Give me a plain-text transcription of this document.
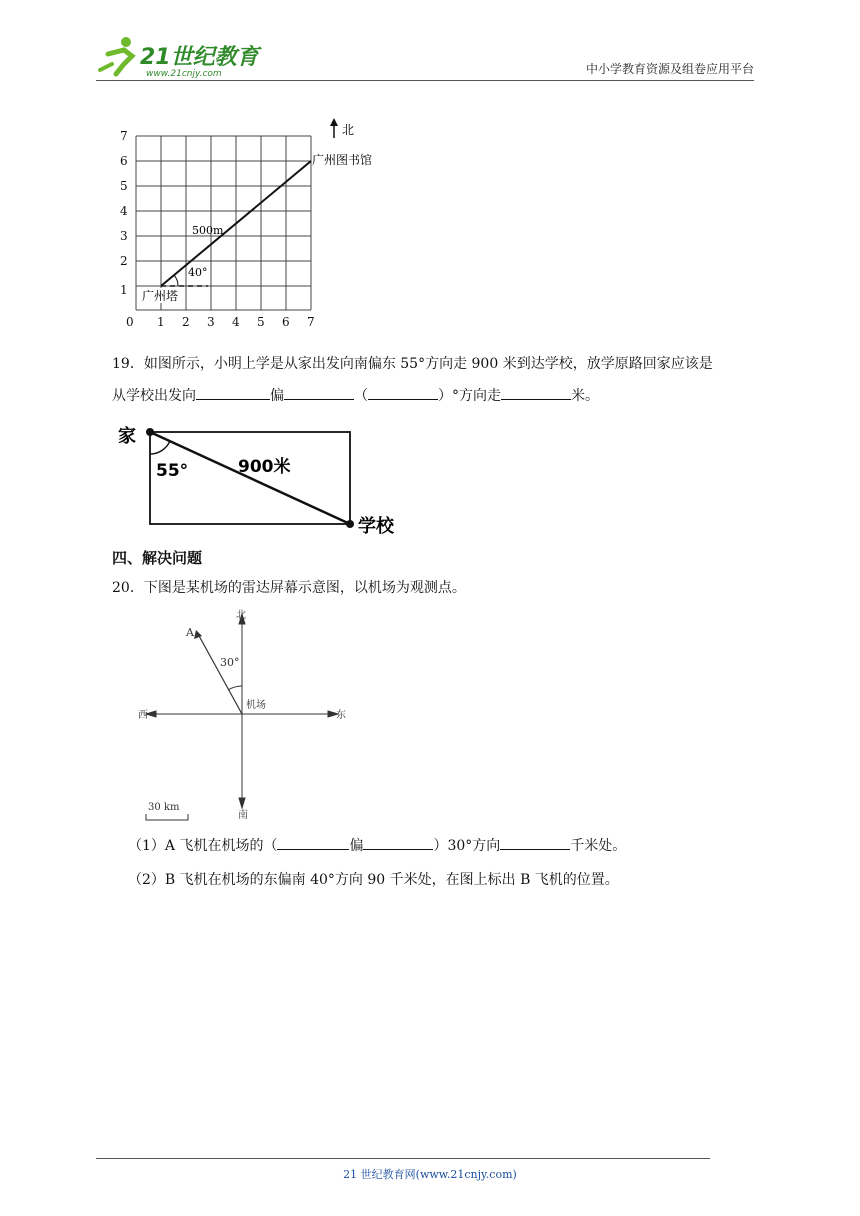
21世纪教育
www.21cnjy.com	中小学教育资源及组卷应用平台
7
6
5
4
3
2
1
0 1 2 3 4 5 6 7
40°
500m
广州图书馆
广州塔
北
19．如图所示，小明上学是从家出发向南偏东 55°方向走 900 米到达学校，放学原路回家应该是
从学校出发向	偏	（	）°方向走	米。
家
55°	900米
学校
四、解决问题
20．下图是某机场的雷达屏幕示意图，以机场为观测点。
北
南
东
西
机场
A
30°
30 km
（1）A 飞机在机场的（	偏	）30°方向	千米处。
（2）B 飞机在机场的东偏南 40°方向 90 千米处，在图上标出 B 飞机的位置。
21 世纪教育网(www.21cnjy.com)
